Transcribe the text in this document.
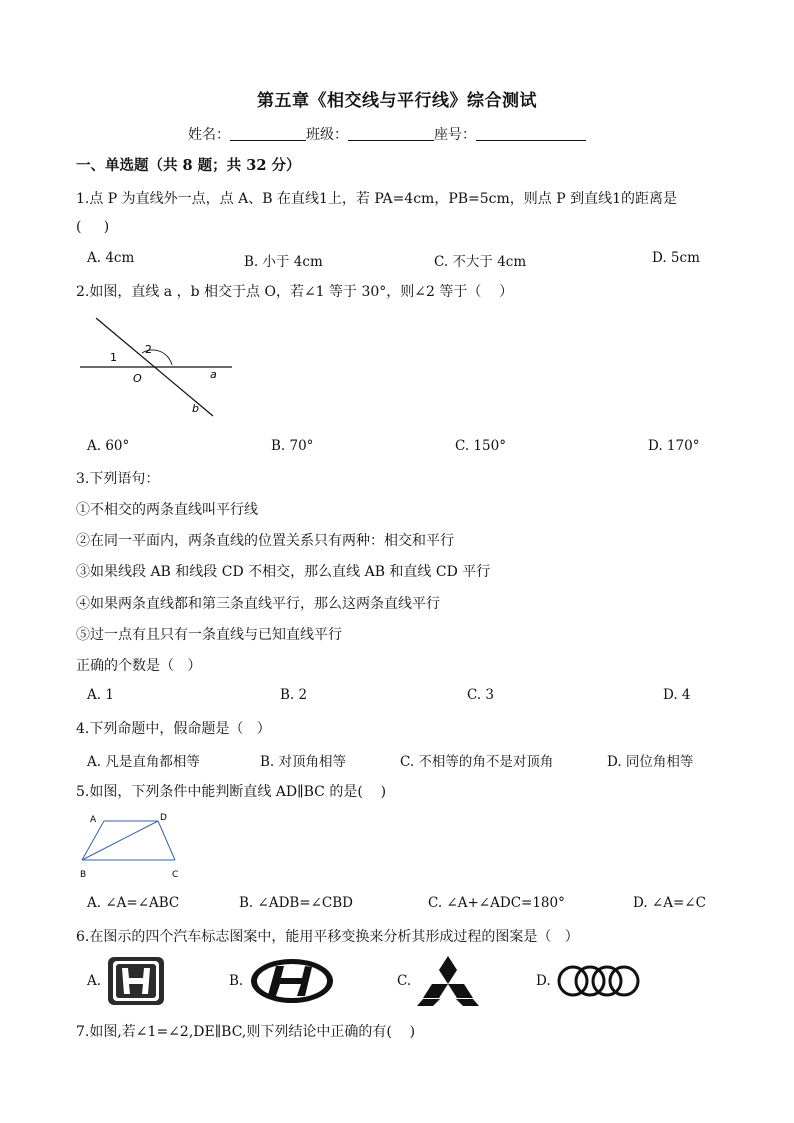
第五章《相交线与平行线》综合测试
姓名：	班级：	座号：
一、单选题（共 8 题；共 32 分）
1.点 P 为直线外一点，点 A、B 在直线1上，若 PA=4cm，PB=5cm，则点 P 到直线1的距离是
(     )
A. 4cm	B. 小于 4cm	C. 不大于 4cm	D. 5cm
2.如图，直线 a ，b 相交于点 O，若∠1 等于 30°，则∠2 等于（    ）
1
2
O	a
b
A. 60°	B. 70°	C. 150°	D. 170°
3.下列语句：
①不相交的两条直线叫平行线
②在同一平面内，两条直线的位置关系只有两种：相交和平行
③如果线段 AB 和线段 CD 不相交，那么直线 AB 和直线 CD 平行
④如果两条直线都和第三条直线平行，那么这两条直线平行
⑤过一点有且只有一条直线与已知直线平行
正确的个数是（   ）
A. 1	B. 2	C. 3	D. 4
4.下列命题中，假命题是（   ）
A. 凡是直角都相等	B. 对顶角相等	C. 不相等的角不是对顶角	D. 同位角相等
5.如图，下列条件中能判断直线 AD∥BC 的是(    )
A	D
B	C
A. ∠A=∠ABC	B. ∠ADB=∠CBD	C. ∠A+∠ADC=180°	D. ∠A=∠C
6.在图示的四个汽车标志图案中，能用平移变换来分析其形成过程的图案是（   ）
A.	B.	C.	D.
7.如图,若∠1=∠2,DE∥BC,则下列结论中正确的有(    )
